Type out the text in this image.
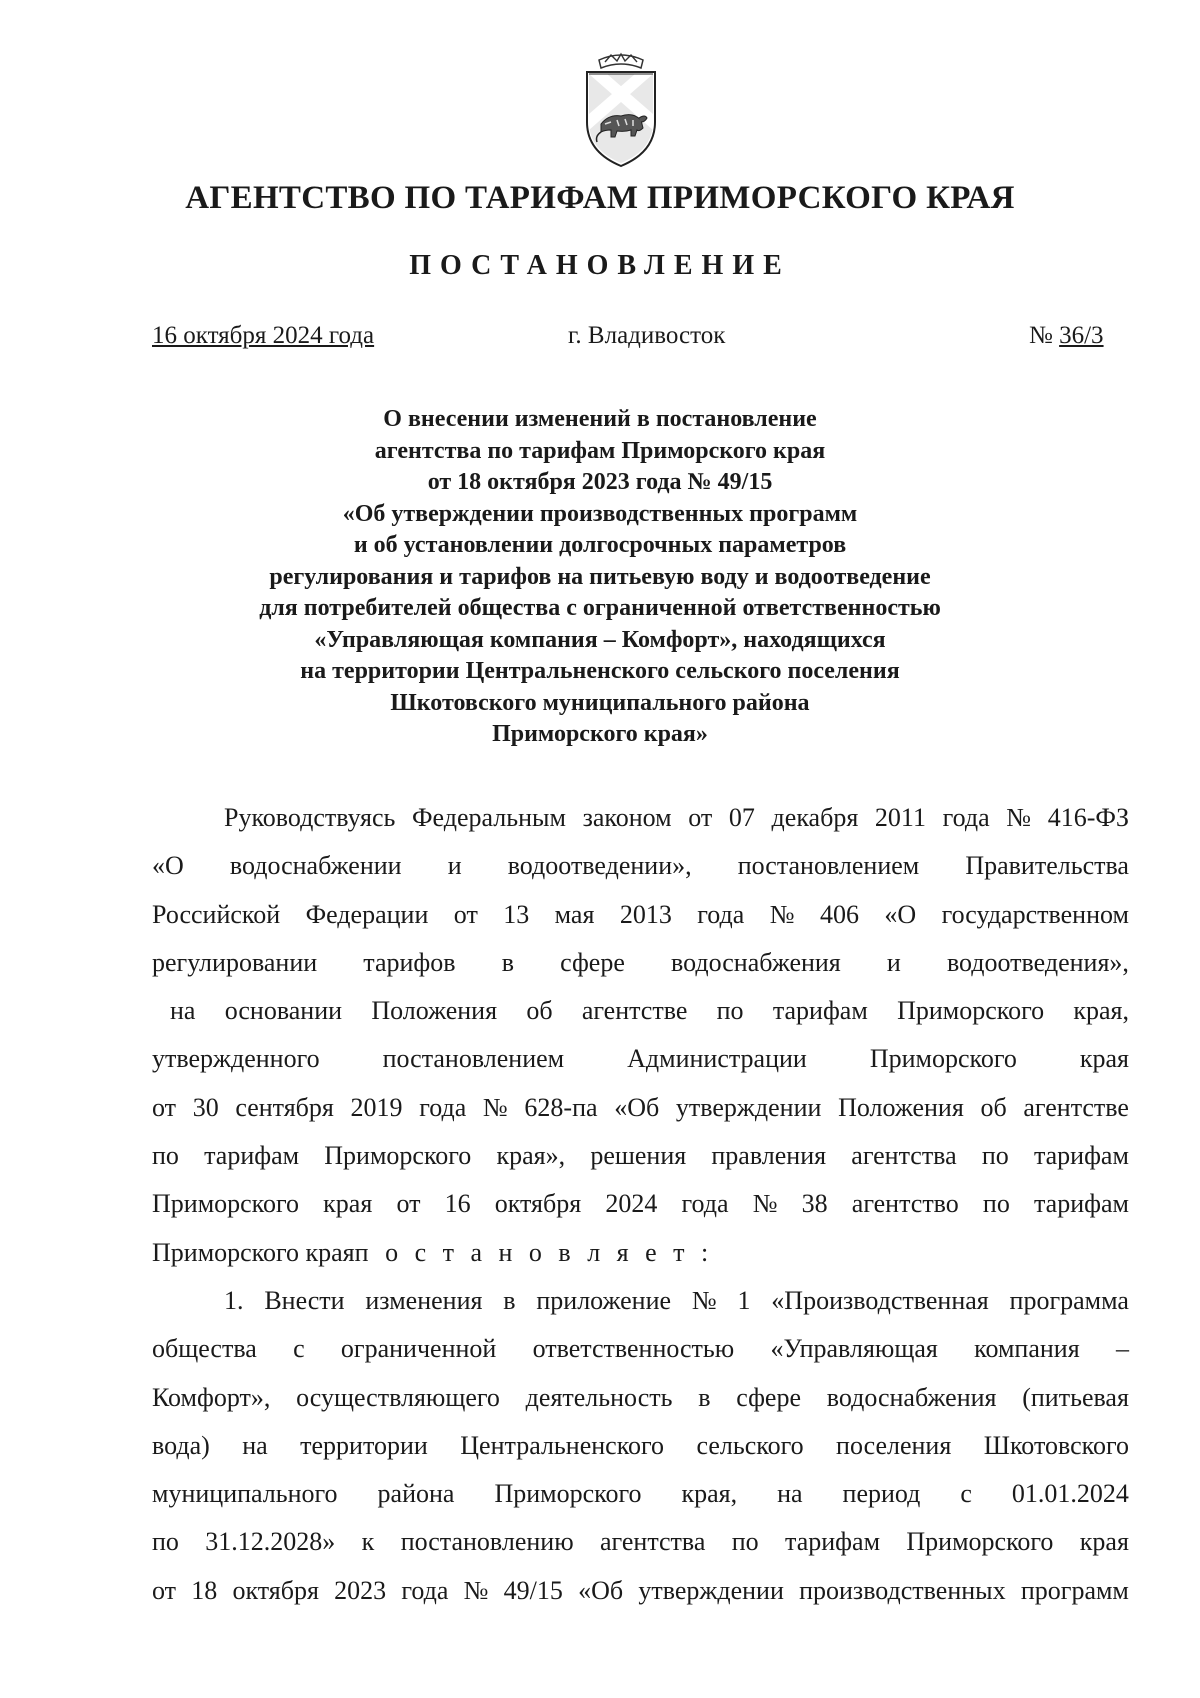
АГЕНТСТВО ПО ТАРИФАМ ПРИМОРСКОГО КРАЯ
ПОСТАНОВЛЕНИЕ
16 октября 2024 года	г. Владивосток	№ 36/3
О внесении изменений в постановление
агентства по тарифам Приморского края
от 18 октября 2023 года № 49/15
«Об утверждении производственных программ
и об установлении долгосрочных параметров
регулирования и тарифов на питьевую воду и водоотведение
для потребителей общества с ограниченной ответственностью
«Управляющая компания – Комфорт», находящихся
на территории Центральненского сельского поселения
Шкотовского муниципального района
Приморского края»
Руководствуясь Федеральным законом от 07 декабря 2011 года № 416-ФЗ
«О водоснабжении и водоотведении», постановлением Правительства
Российской Федерации от 13 мая 2013 года № 406 «О государственном
регулировании тарифов в сфере водоснабжения и водоотведения»,
на основании Положения об агентстве по тарифам Приморского края,
утвержденного постановлением Администрации Приморского края
от 30 сентября 2019 года № 628-па «Об утверждении Положения об агентстве
по тарифам Приморского края», решения правления агентства по тарифам
Приморского края от 16 октября 2024 года № 38 агентство по тарифам
Приморского края п о с т а н о в л я е т :
1. Внести изменения в приложение № 1 «Производственная программа
общества с ограниченной ответственностью «Управляющая компания –
Комфорт», осуществляющего деятельность в сфере водоснабжения (питьевая
вода) на территории Центральненского сельского поселения Шкотовского
муниципального района Приморского края, на период с 01.01.2024
по 31.12.2028» к постановлению агентства по тарифам Приморского края
от 18 октября 2023 года № 49/15 «Об утверждении производственных программ
